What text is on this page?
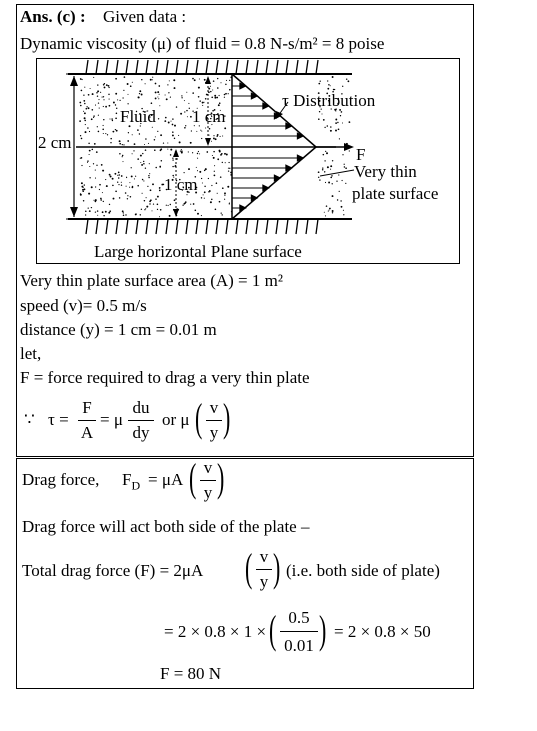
Ans. (c) : Given data :
Dynamic viscosity (μ) of fluid = 0.8 N-s/m² = 8 poise
τ Distribution
Fluid 1 cm
2 cm
1 cm
F
Very thin
plate surface
Large horizontal Plane surface
Very thin plate surface area (A) = 1 m²
speed (v)= 0.5 m/s
distance (y) = 1 cm = 0.01 m
let,
F = force required to drag a very thin plate
∵ τ =
F
A
= μ
du
dy
or μ ( v
y )
Drag force, $F_D = \mu A$ ( v
y )
Drag force will act both side of the plate –
Total drag force (F) = 2μA ( v
y ) (i.e. both side of plate)
= 2 × 0.8 × 1 × ( 0.5
0.01 ) = 2 × 0.8 × 50
F = 80 N
